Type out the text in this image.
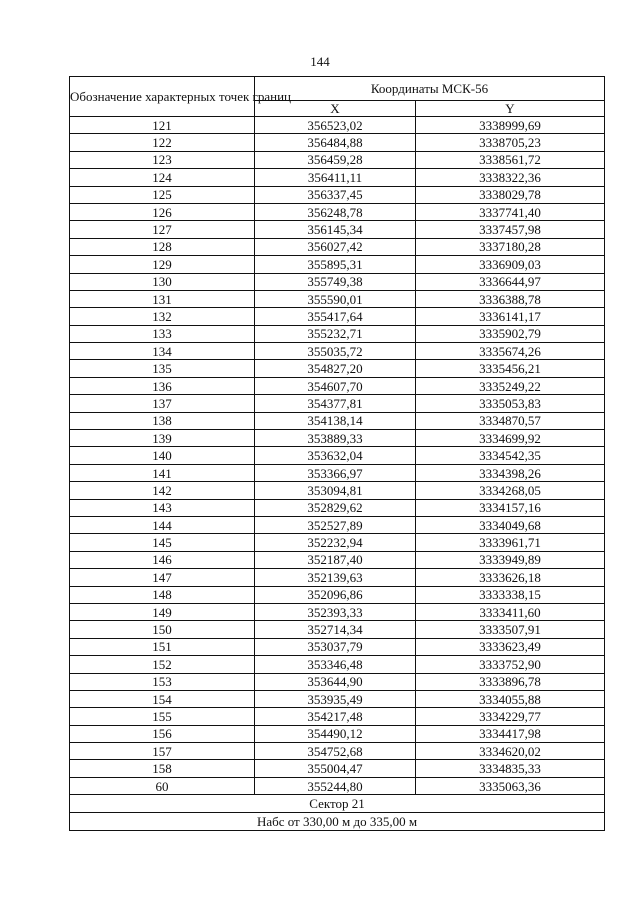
144
Обозначение характерных точек границ	Координаты МСК-56	
	X	Y
121	356523,02	3338999,69
122	356484,88	3338705,23
123	356459,28	3338561,72
124	356411,11	3338322,36
125	356337,45	3338029,78
126	356248,78	3337741,40
127	356145,34	3337457,98
128	356027,42	3337180,28
129	355895,31	3336909,03
130	355749,38	3336644,97
131	355590,01	3336388,78
132	355417,64	3336141,17
133	355232,71	3335902,79
134	355035,72	3335674,26
135	354827,20	3335456,21
136	354607,70	3335249,22
137	354377,81	3335053,83
138	354138,14	3334870,57
139	353889,33	3334699,92
140	353632,04	3334542,35
141	353366,97	3334398,26
142	353094,81	3334268,05
143	352829,62	3334157,16
144	352527,89	3334049,68
145	352232,94	3333961,71
146	352187,40	3333949,89
147	352139,63	3333626,18
148	352096,86	3333338,15
149	352393,33	3333411,60
150	352714,34	3333507,91
151	353037,79	3333623,49
152	353346,48	3333752,90
153	353644,90	3333896,78
154	353935,49	3334055,88
155	354217,48	3334229,77
156	354490,12	3334417,98
157	354752,68	3334620,02
158	355004,47	3334835,33
60	355244,80	3335063,36
Сектор 21		
Набс от 330,00 м до 335,00 м		
